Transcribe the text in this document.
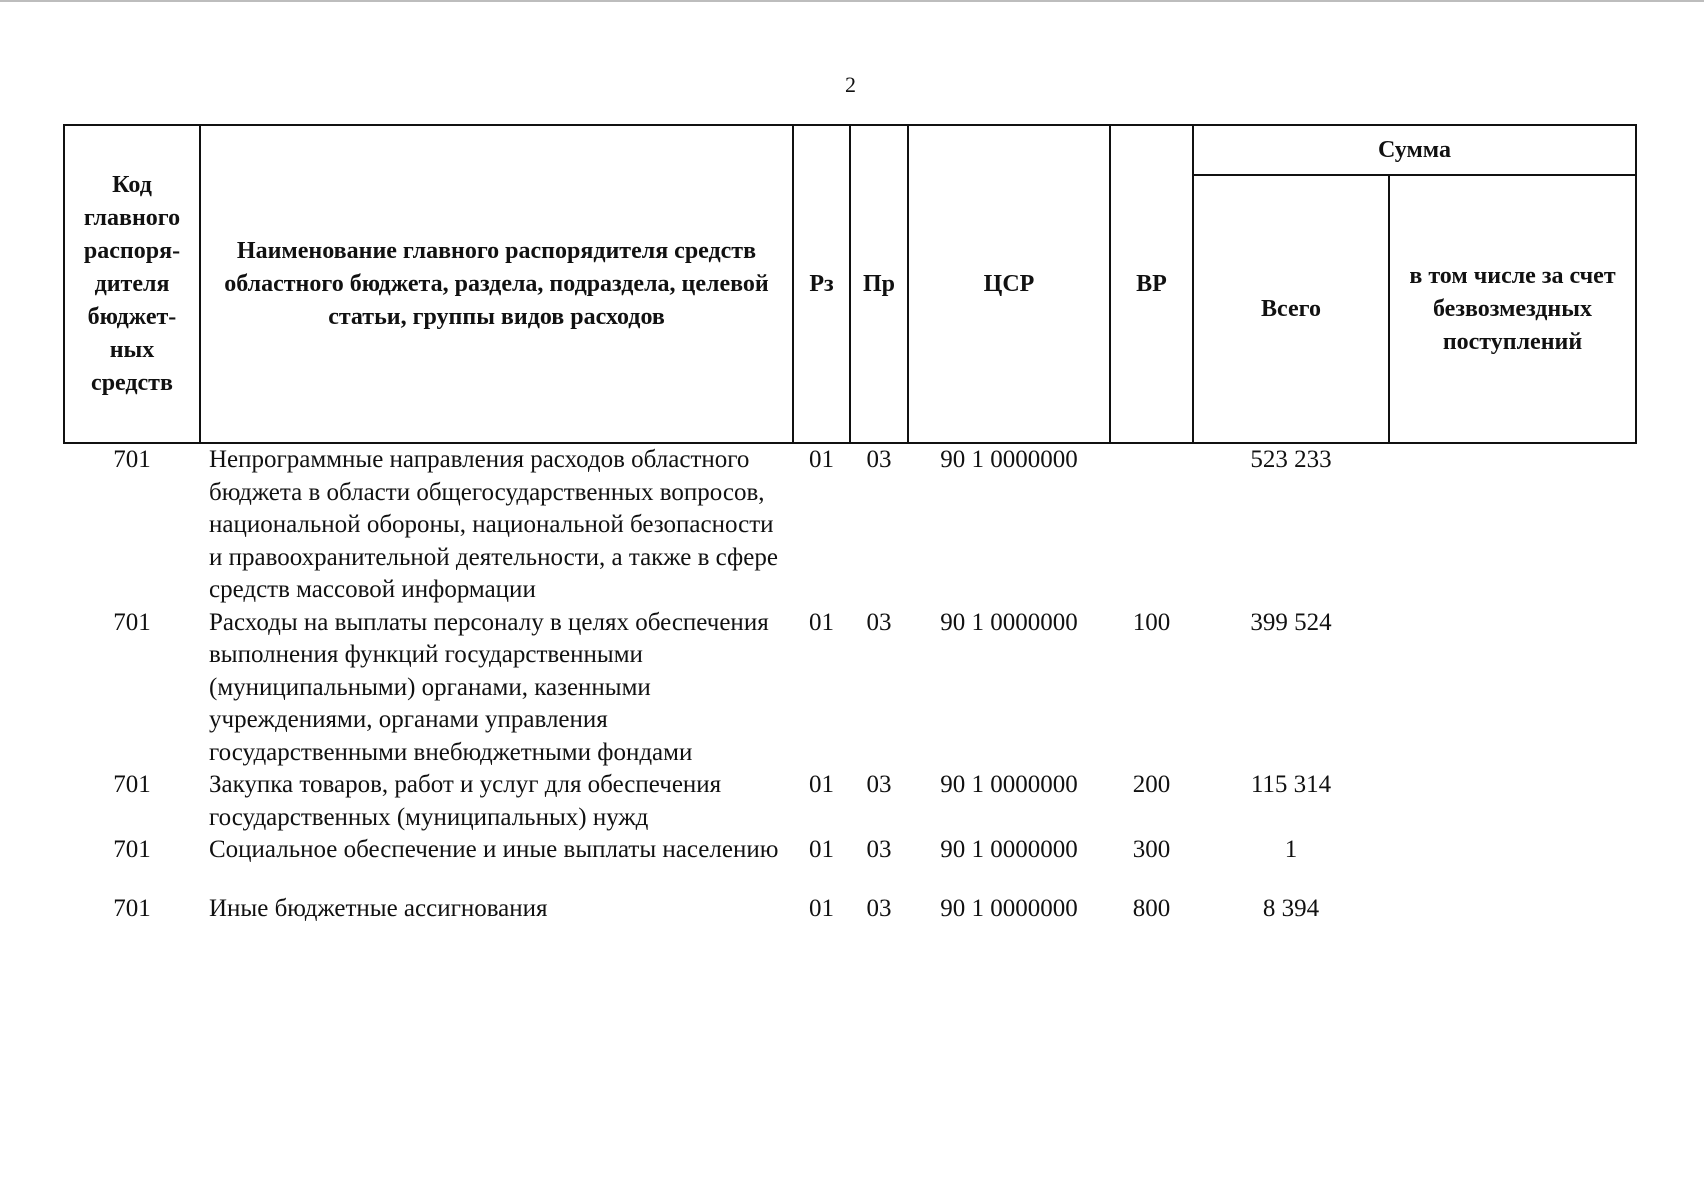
2
Код главного распоря-дителя бюджет-ных средств	Наименование главного распорядителя средств областного бюджета, раздела, подраздела, целевой статьи, группы видов расходов	Рз	Пр	ЦСР	ВР	Сумма	
						Всего	в том числе за счет безвозмездных поступлений
701	Непрограммные направления расходов областного бюджета в области общегосударственных вопросов, национальной обороны, национальной безопасности и правоохранительной деятельности, а также в сфере средств массовой информации	01	03	90 1 0000000		523 233	
701	Расходы на выплаты персоналу в целях обеспечения выполнения функций государственными (муниципальными) органами, казенными учреждениями, органами управления государственными внебюджетными фондами	01	03	90 1 0000000	100	399 524	
701	Закупка товаров, работ и услуг для обеспечения государственных (муниципальных) нужд	01	03	90 1 0000000	200	115 314	
701	Социальное обеспечение и иные выплаты населению	01	03	90 1 0000000	300	1	
701	Иные бюджетные ассигнования	01	03	90 1 0000000	800	8 394	
